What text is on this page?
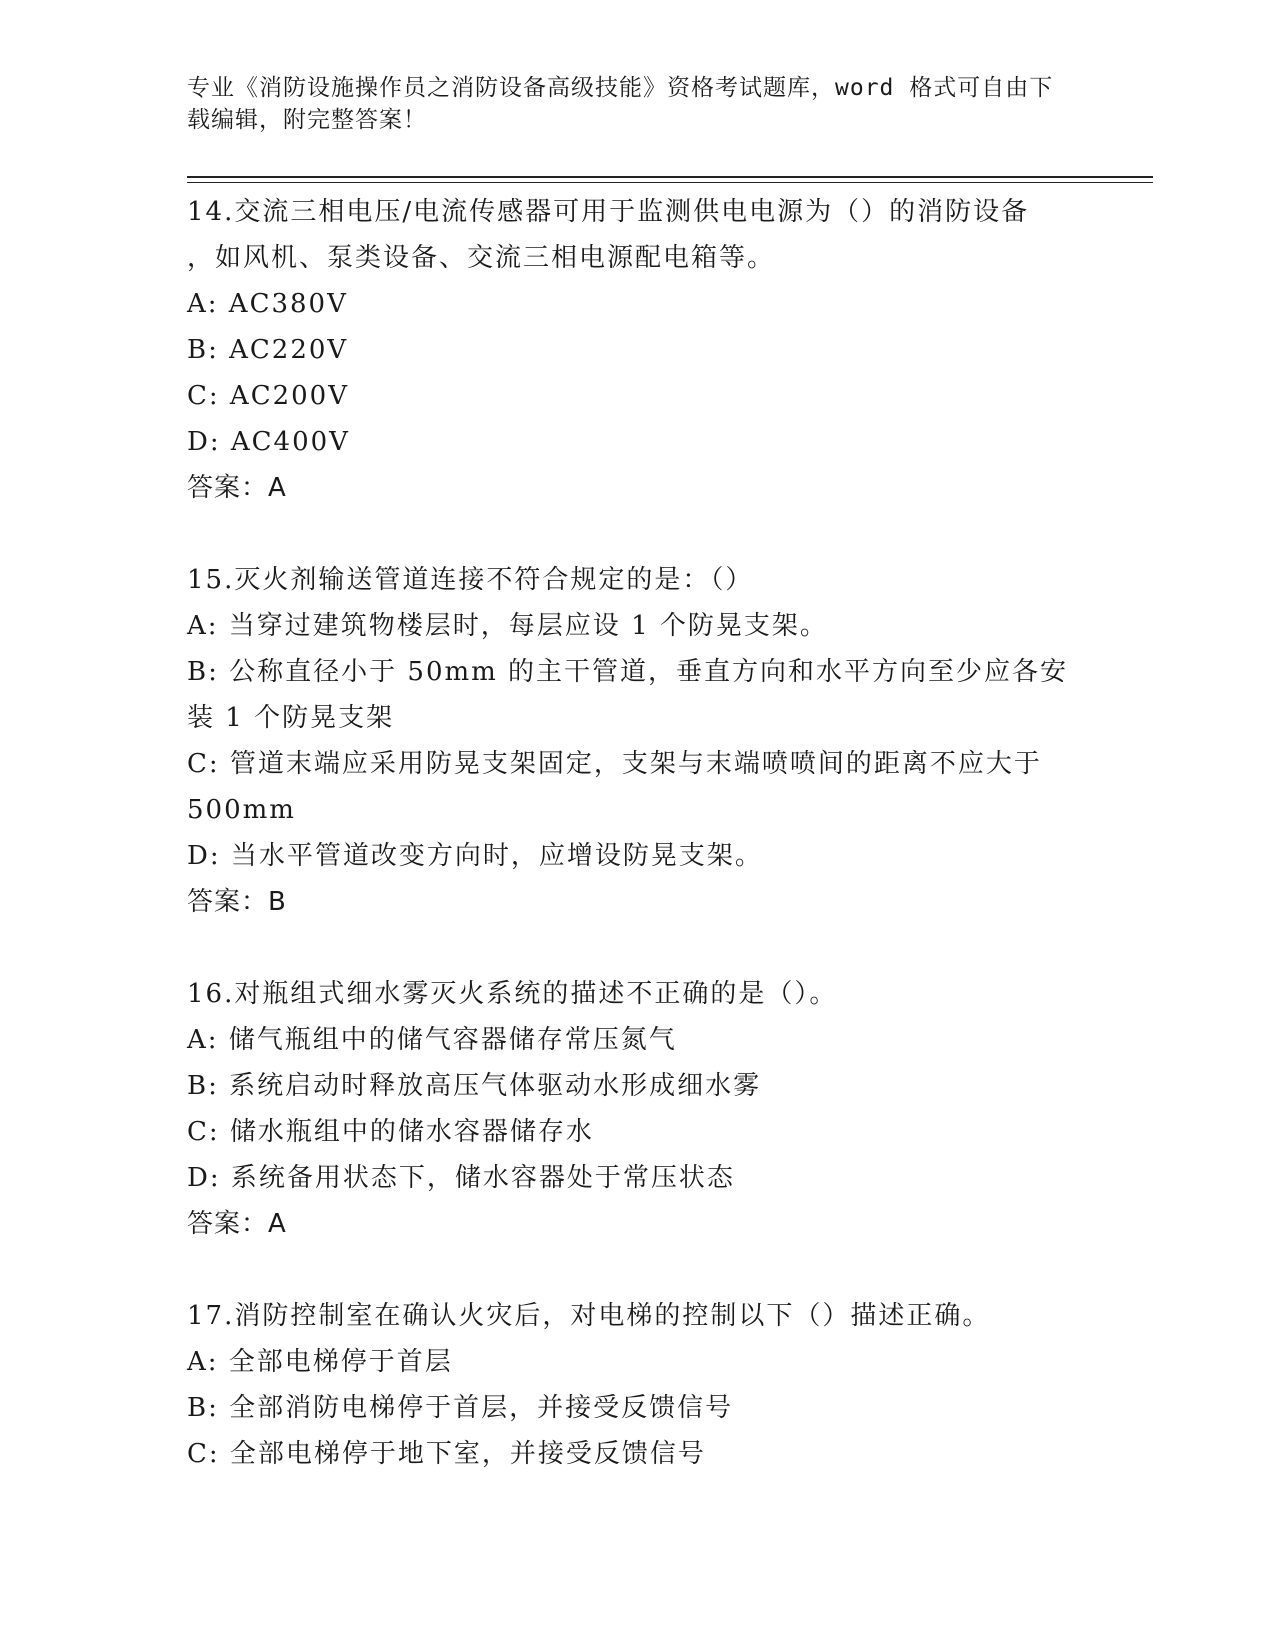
专业《消防设施操作员之消防设备高级技能》资格考试题库，word 格式可自由下
载编辑，附完整答案！
14.交流三相电压/电流传感器可用于监测供电电源为（）的消防设备
，如风机、泵类设备、交流三相电源配电箱等。
A: AC380V
B: AC220V
C: AC200V
D: AC400V
答案：A
15.灭火剂输送管道连接不符合规定的是：（）
A: 当穿过建筑物楼层时，每层应设 1 个防晃支架。
B: 公称直径小于 50mm 的主干管道，垂直方向和水平方向至少应各安
装 1 个防晃支架
C: 管道末端应采用防晃支架固定，支架与末端喷喷间的距离不应大于
500mm
D: 当水平管道改变方向时，应增设防晃支架。
答案：B
16.对瓶组式细水雾灭火系统的描述不正确的是（）。
A: 储气瓶组中的储气容器储存常压氮气
B: 系统启动时释放高压气体驱动水形成细水雾
C: 储水瓶组中的储水容器储存水
D: 系统备用状态下，储水容器处于常压状态
答案：A
17.消防控制室在确认火灾后，对电梯的控制以下（）描述正确。
A: 全部电梯停于首层
B: 全部消防电梯停于首层，并接受反馈信号
C: 全部电梯停于地下室，并接受反馈信号
